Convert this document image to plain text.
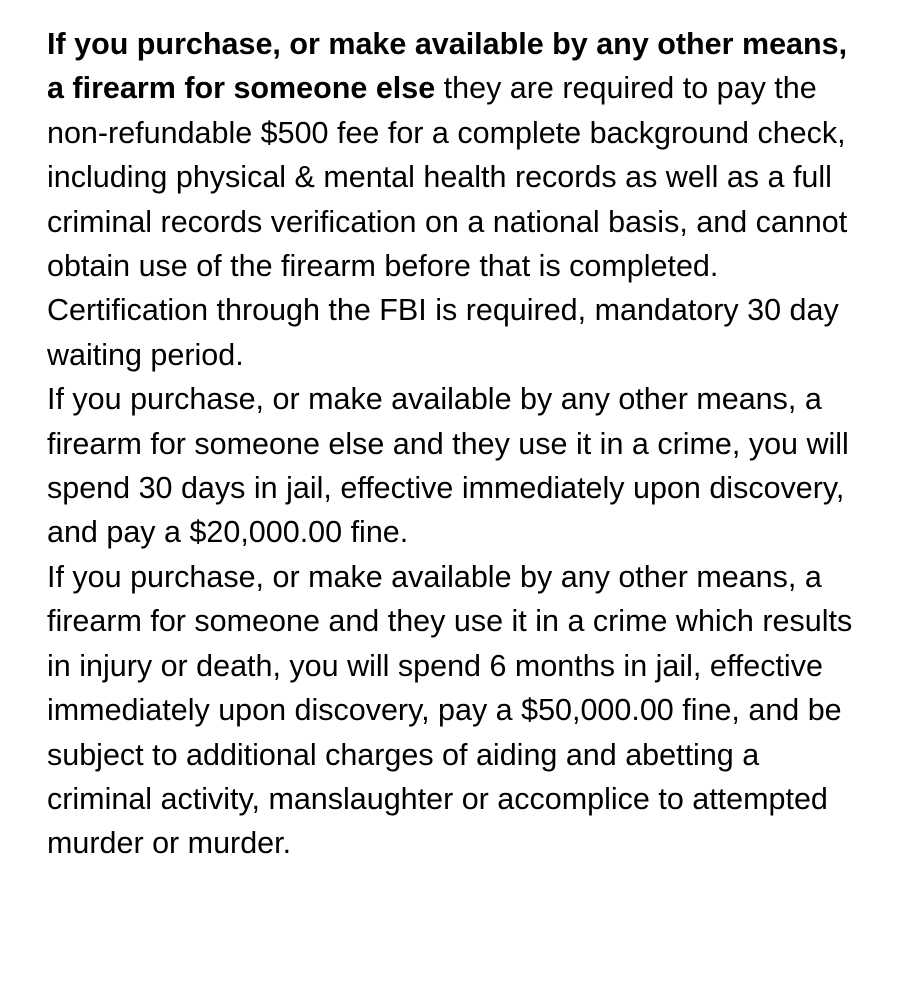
If you purchase, or make available by any other means, a firearm for someone else they are required to pay the non-refundable $500 fee for a complete background check, including physical & mental health records as well as a full criminal records verification on a national basis, and cannot obtain use of the firearm before that is completed. Certification through the FBI is required, mandatory 30 day waiting period.

If you purchase, or make available by any other means, a firearm for someone else and they use it in a crime, you will spend 30 days in jail, effective immediately upon discovery, and pay a $20,000.00 fine.

If you purchase, or make available by any other means, a firearm for someone and they use it in a crime which results in injury or death, you will spend 6 months in jail, effective immediately upon discovery, pay a $50,000.00 fine, and be subject to additional charges of aiding and abetting a criminal activity, manslaughter or accomplice to attempted murder or murder.
